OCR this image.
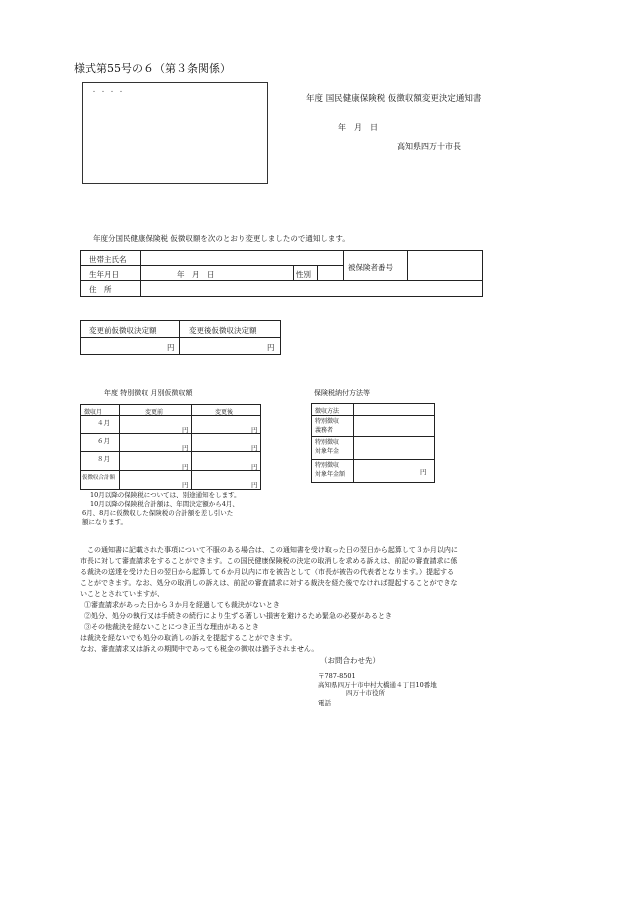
様式第55号の６（第３条関係）
・・・・
年度 国民健康保険税 仮徴収額変更決定通知書
年　月　日
高知県四万十市長
年度分国民健康保険税 仮徴収額を次のとおり変更しましたので通知します。
世帯主氏名
生年月日	年　月　日	性別
被保険者番号
住　所
変更前仮徴収決定額	変更後仮徴収決定額
円	円
年度 特別徴収 月別仮徴収額
徴収月	変更前	変更後
４月
円	円
６月
円	円
８月
円	円
仮徴収合計額
円	円
10月以降の保険税については、別途通知をします。
10月以降の保険税合計額は、年間決定額から4月、
6月、8月に仮徴収した保険税の合計額を差し引いた
額になります。
保険税納付方法等
徴収方法
特別徴収
義務者
特別徴収
対象年金
特別徴収
対象年金額	円
この通知書に記載された事項について不服のある場合は、この通知書を受け取った日の翌日から起算して３か月以内に
市長に対して審査請求をすることができます。この国民健康保険税の決定の取消しを求める訴えは、前記の審査請求に係
る裁決の送達を受けた日の翌日から起算して６か月以内に市を被告として（市長が被告の代表者となります。）提起する
ことができます。なお、処分の取消しの訴えは、前記の審査請求に対する裁決を経た後でなければ提起することができな
いこととされていますが、
①審査請求があった日から３か月を経過しても裁決がないとき
②処分、処分の執行又は手続きの続行により生ずる著しい損害を避けるため緊急の必要があるとき
③その他裁決を経ないことにつき正当な理由があるとき
は裁決を経ないでも処分の取消しの訴えを提起することができます。
なお、審査請求又は訴えの期間中であっても税金の徴収は猶予されません。
（お問合わせ先）
〒787-8501
高知県四万十市中村大橋通４丁目10番地
四万十市役所
電話
